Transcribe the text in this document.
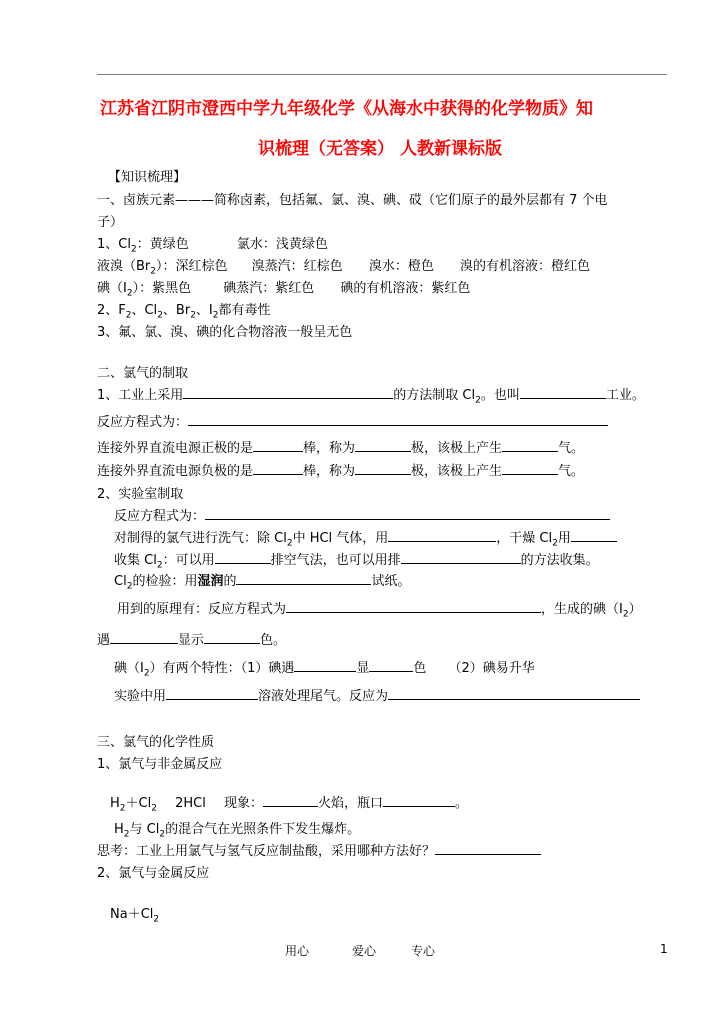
江苏省江阴市澄西中学九年级化学《从海水中获得的化学物质》知
识梳理（无答案） 人教新课标版
【知识梳理】
一、卤族元素———简称卤素，包括氟、氯、溴、碘、砹（它们原子的最外层都有 7 个电
子）
1、$Cl_2$：黄绿色	氯水：浅黄绿色
液溴$(Br_2)$：深红棕色 溴蒸汽：红棕色 溴水：橙色 溴的有机溶液：橙红色
碘$(I_2)$：紫黑色 碘蒸汽：紫红色 碘的有机溶液：紫红色
2、$F_2$、$Cl_2$、$Br_2$、$I_2$都有毒性
3、氟、氯、溴、碘的化合物溶液一般呈无色
二、氯气的制取
1、工业上采用	的方法制取 $Cl_2$。也叫	工业。
反应方程式为：
连接外界直流电源正极的是	棒，称为	极，该极上产生	气。
连接外界直流电源负极的是	棒，称为	极，该极上产生	气。
2、实验室制取
反应方程式为：
对制得的氯气进行洗气：除 $Cl_2$中 HCl 气体，用	，干燥 $Cl_2$用
收集 $Cl_2$：可以用	排空气法，也可以用排	的方法收集。
$Cl_2$的检验：用湿润的	试纸。
用到的原理有：反应方程式为	，生成的碘$(I_2)$
遇	显示	色。
碘$(I_2)$有两个特性：（1）碘遇	显	色 （2）碘易升华
实验中用	溶液处理尾气。反应为
三、氯气的化学性质
1、氯气与非金属反应
$H_2+Cl_2$ 2HCl 现象：	火焰，瓶口	。
$H_2$与 $Cl_2$的混合气在光照条件下发生爆炸。
思考：工业上用氯气与氢气反应制盐酸，采用哪种方法好？
2、氯气与金属反应
$Na+Cl_2$
用心	爱心	专心	1
